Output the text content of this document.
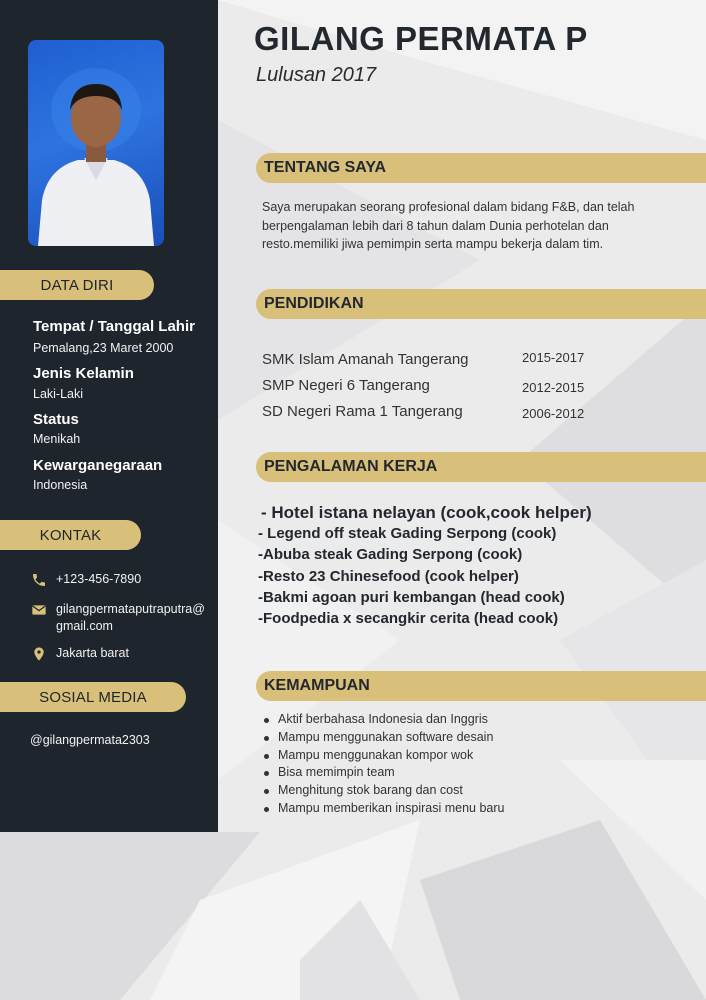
DATA DIRI
Tempat / Tanggal Lahir
Pemalang,23 Maret 2000
Jenis Kelamin
Laki-Laki
Status
Menikah
Kewarganegaraan
Indonesia
KONTAK
+123-456-7890
gilangpermataputraputra@gmail.com
Jakarta barat
SOSIAL MEDIA
@gilangpermata2303
GILANG PERMATA P
Lulusan 2017
TENTANG SAYA

Saya merupakan seorang profesional dalam bidang F&B, dan telah berpengalaman lebih dari 8 tahun dalam Dunia perhotelan dan resto.memiliki jiwa pemimpin serta mampu bekerja dalam tim.

PENDIDIKAN
SMK Islam Amanah Tangerang	2015-2017
SMP Negeri 6 Tangerang	2012-2015
SD Negeri Rama 1 Tangerang	2006-2012
PENGALAMAN KERJA
- Hotel istana nelayan (cook,cook helper)
- Legend off steak Gading Serpong (cook)
-Abuba steak Gading Serpong (cook)
-Resto 23 Chinesefood (cook helper)
-Bakmi agoan puri kembangan (head cook)
-Foodpedia x secangkir cerita (head cook)
KEMAMPUAN
Aktif berbahasa Indonesia dan Inggris
Mampu menggunakan software desain
Mampu menggunakan kompor wok
Bisa memimpin team
Menghitung stok barang dan cost
Mampu memberikan inspirasi menu baru
